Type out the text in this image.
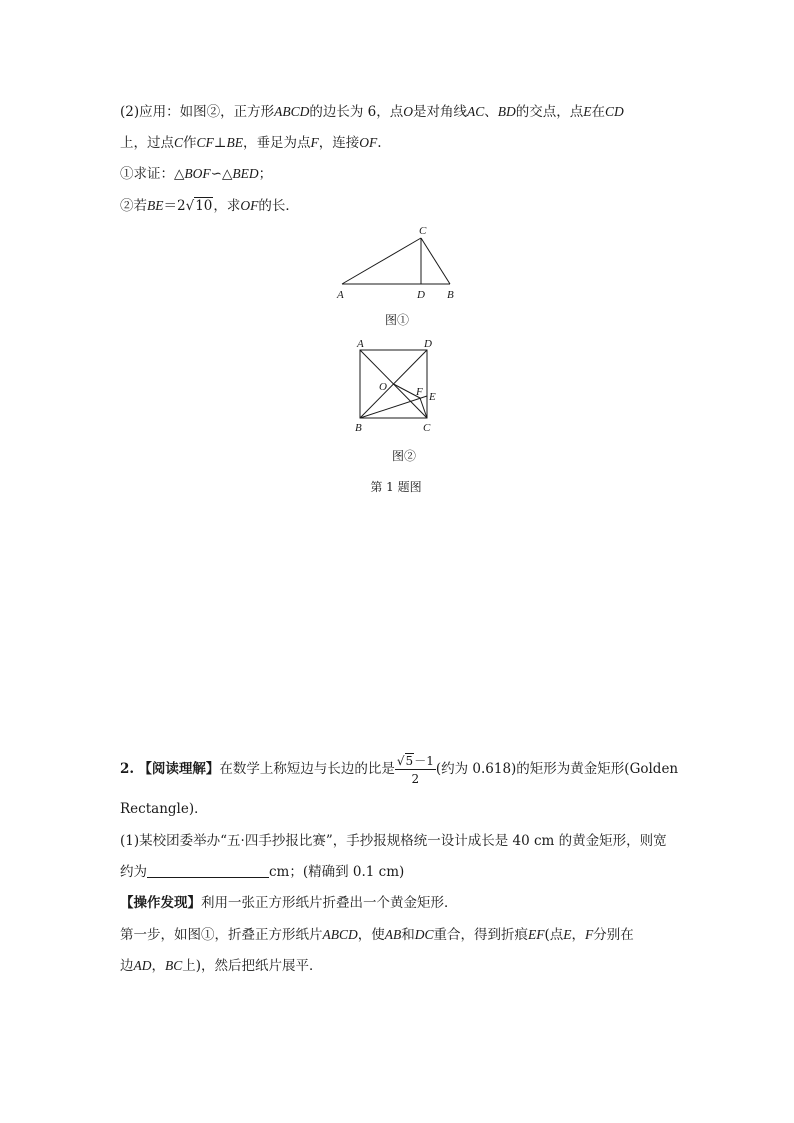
(2)应用：如图②，正方形ABCD的边长为 6，点O是对角线AC、BD的交点，点E在CD
上，过点C作CF⊥BE，垂足为点F，连接OF.
①求证：△BOF∽△BED；
②若BE＝2√10，求OF的长．
A	D B
C
图①
A	D
B	C
O	F E
图②
第 1 题图
2. 【阅读理解】在数学上称短边与长边的比是 $\frac{√5-1}{2}$ (约为 0.618)的矩形为黄金矩形(Golden
Rectangle)．
(1)某校团委举办“五·四手抄报比赛”，手抄报规格统一设计成长是 40 cm 的黄金矩形，则宽
约为	cm；(精确到 0.1 cm)
【操作发现】利用一张正方形纸片折叠出一个黄金矩形．
第一步，如图①，折叠正方形纸片ABCD，使AB和DC重合，得到折痕EF(点E，F分别在
边AD，BC上)，然后把纸片展平．
